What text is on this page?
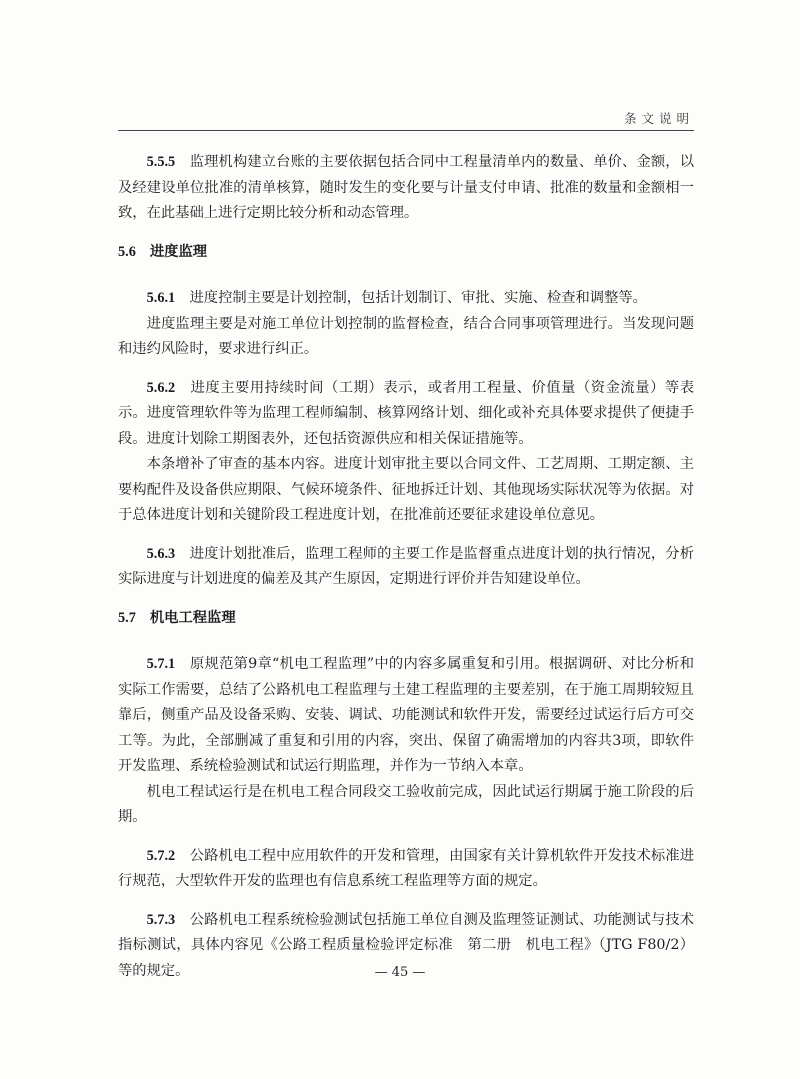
条文说明

5.5.5　 监理机构建立台账的主要依据包括合同中工程量清单内的数量、单价、金额，以及经建设单位批准的清单核算，随时发生的变化要与计量支付申请、批准的数量和金额相一致，在此基础上进行定期比较分析和动态管理。

5.6 进度监理

5.6.1　 进度控制主要是计划控制，包括计划制订、审批、实施、检查和调整等。

进度监理主要是对施工单位计划控制的监督检查，结合合同事项管理进行。当发现问题和违约风险时，要求进行纠正。

5.6.2　 进度主要用持续时间（工期）表示，或者用工程量、价值量（资金流量）等表示。进度管理软件等为监理工程师编制、核算网络计划、细化或补充具体要求提供了便捷手段。进度计划除工期图表外，还包括资源供应和相关保证措施等。

本条增补了审查的基本内容。进度计划审批主要以合同文件、工艺周期、工期定额、主要构配件及设备供应期限、气候环境条件、征地拆迁计划、其他现场实际状况等为依据。对于总体进度计划和关键阶段工程进度计划，在批准前还要征求建设单位意见。

5.6.3　 进度计划批准后，监理工程师的主要工作是监督重点进度计划的执行情况，分析实际进度与计划进度的偏差及其产生原因，定期进行评价并告知建设单位。

5.7 机电工程监理

5.7.1　 原规范第9章“机电工程监理”中的内容多属重复和引用。根据调研、对比分析和实际工作需要，总结了公路机电工程监理与土建工程监理的主要差别，在于施工周期较短且靠后，侧重产品及设备采购、安装、调试、功能测试和软件开发，需要经过试运行后方可交工等。为此，全部删减了重复和引用的内容，突出、保留了确需增加的内容共3项，即软件开发监理、系统检验测试和试运行期监理，并作为一节纳入本章。

机电工程试运行是在机电工程合同段交工验收前完成，因此试运行期属于施工阶段的后期。

5.7.2　 公路机电工程中应用软件的开发和管理，由国家有关计算机软件开发技术标准进行规范，大型软件开发的监理也有信息系统工程监理等方面的规定。

5.7.3　 公路机电工程系统检验测试包括施工单位自测及监理签证测试、功能测试与技术指标测试，具体内容见《公路工程质量检验评定标准　第二册　机电工程》（JTG F80/2）等的规定。	— 45 —
